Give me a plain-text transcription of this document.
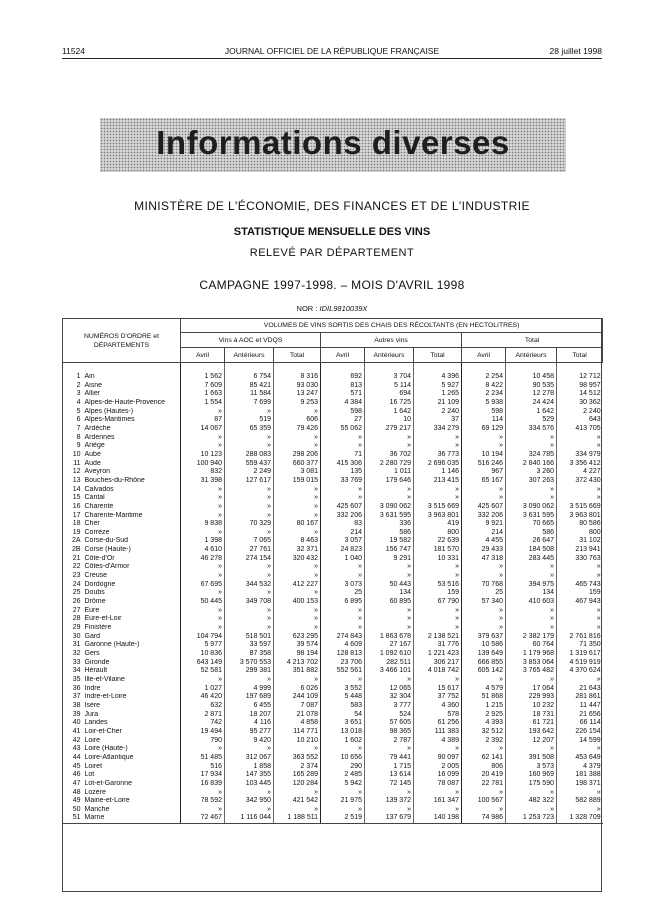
11524	JOURNAL OFFICIEL DE LA RÉPUBLIQUE FRANÇAISE	28 juillet 1998
Informations diverses
MINISTÈRE DE L'ÉCONOMIE, DES FINANCES ET DE L'INDUSTRIE
STATISTIQUE MENSUELLE DES VINS
RELEVÉ PAR DÉPARTEMENT
CAMPAGNE 1997-1998. – MOIS D'AVRIL 1998
NOR : IDIL9810039X
NUMÉROS D'ORDRE et DÉPARTEMENTS		VOLUMES DE VINS SORTIS DES CHAIS DES RÉCOLTANTS (EN HECTOLITRES)								
		Vins à AOC et VDQS			Autres vins			Total		
		Avril	Antérieurs	Total	Avril	Antérieurs	Total	Avril	Antérieurs	Total

1	Ain	1 562	6 754	8 316	692	3 704	4 396	2 254	10 458	12 712
2	Aisne	7 609	85 421	93 030	813	5 114	5 927	8 422	90 535	98 957
3	Allier	1 663	11 584	13 247	571	694	1 265	2 234	12 278	14 512
4	Alpes-de-Haute-Provence	1 554	7 699	9 253	4 384	16 725	21 109	5 938	24 424	30 362
5	Alpes (Hautes-)	»	»	»	598	1 642	2 240	598	1 642	2 240
6	Alpes-Maritimes	87	519	606	27	10	37	114	529	643
7	Ardèche	14 067	65 359	79 426	55 062	279 217	334 279	69 129	334 576	413 705
8	Ardennes	»	»	»	»	»	»	»	»	»
9	Ariège	»	»	»	»	»	»	»	»	»
10	Aube	10 123	288 083	298 206	71	36 702	36 773	10 194	324 785	334 979
11	Aude	100 940	559 437	660 377	415 306	2 280 729	2 696 035	516 246	2 840 166	3 356 412
12	Aveyron	832	2 249	3 081	135	1 011	1 146	967	3 260	4 227
13	Bouches-du-Rhône	31 398	127 617	159 015	33 769	179 646	213 415	65 167	307 263	372 430
14	Calvados	»	»	»	»	»	»	»	»	»
15	Cantal	»	»	»	»	»	»	»	»	»
16	Charente	»	»	»	425 607	3 090 062	3 515 669	425 607	3 090 062	3 515 669
17	Charente-Maritime	»	»	»	332 206	3 631 595	3 963 801	332 206	3 631 595	3 963 801
18	Cher	9 838	70 329	80 167	83	336	419	9 921	70 665	80 586
19	Corrèze	»	»	»	214	586	800	214	586	800
2A	Corse-du-Sud	1 398	7 065	8 463	3 057	19 582	22 639	4 455	26 647	31 102
2B	Corse (Haute-)	4 610	27 761	32 371	24 823	156 747	181 570	29 433	184 508	213 941
21	Côte-d'Or	46 278	274 154	320 432	1 040	9 291	10 331	47 318	283 445	330 763
22	Côtes-d'Armor	»	»	»	»	»	»	»	»	»
23	Creuse	»	»	»	»	»	»	»	»	»
24	Dordogne	67 695	344 532	412 227	3 073	50 443	53 516	70 768	394 975	465 743
25	Doubs	»	»	»	25	134	159	25	134	159
26	Drôme	50 445	349 708	400 153	6 895	60 895	67 790	57 340	410 603	467 943
27	Eure	»	»	»	»	»	»	»	»	»
28	Eure-et-Loir	»	»	»	»	»	»	»	»	»
29	Finistère	»	»	»	»	»	»	»	»	»
30	Gard	104 794	518 501	623 295	274 843	1 863 678	2 138 521	379 637	2 382 179	2 761 816
31	Garonne (Haute-)	5 977	33 597	39 574	4 609	27 167	31 776	10 586	60 764	71 350
32	Gers	10 836	87 358	98 194	128 813	1 092 610	1 221 423	139 649	1 179 968	1 319 617
33	Gironde	643 149	3 570 553	4 213 702	23 706	282 511	306 217	666 855	3 853 064	4 519 919
34	Hérault	52 581	299 381	351 882	552 561	3 466 101	4 018 742	605 142	3 765 482	4 370 624
35	Ille-et-Vilaine	»	»	»	»	»	»	»	»	»
36	Indre	1 027	4 999	6 026	3 552	12 065	15 617	4 579	17 064	21 643
37	Indre-et-Loire	46 420	197 689	244 109	5 448	32 304	37 752	51 868	229 993	281 861
38	Isère	632	6 455	7 087	583	3 777	4 360	1 215	10 232	11 447
39	Jura	2 871	18 207	21 078	54	524	578	2 925	18 731	21 656
40	Landes	742	4 116	4 858	3 651	57 605	61 256	4 393	61 721	66 114
41	Loir-et-Cher	19 494	95 277	114 771	13 018	98 365	111 383	32 512	193 642	226 154
42	Loire	790	9 420	10 210	1 602	2 787	4 389	2 392	12 207	14 599
43	Loire (Haute-)	»	»	»	»	»	»	»	»	»
44	Loire-Atlantique	51 485	312 067	363 552	10 656	79 441	90 097	62 141	391 508	453 649
45	Loiret	516	1 858	2 374	290	1 715	2 005	806	3 573	4 379
46	Lot	17 934	147 355	165 289	2 485	13 614	16 099	20 419	160 969	181 388
47	Lot-et-Garonne	16 839	103 445	120 284	5 942	72 145	78 087	22 781	175 590	198 371
48	Lozère	»	»	»	»	»	»	»	»	»
49	Maine-et-Loire	78 592	342 950	421 542	21 975	139 372	161 347	100 567	482 322	582 889
50	Manche	»	»	»	»	»	»	»	»	»
51	Marne	72 467	1 116 044	1 188 511	2 519	137 679	140 198	74 986	1 253 723	1 328 709
